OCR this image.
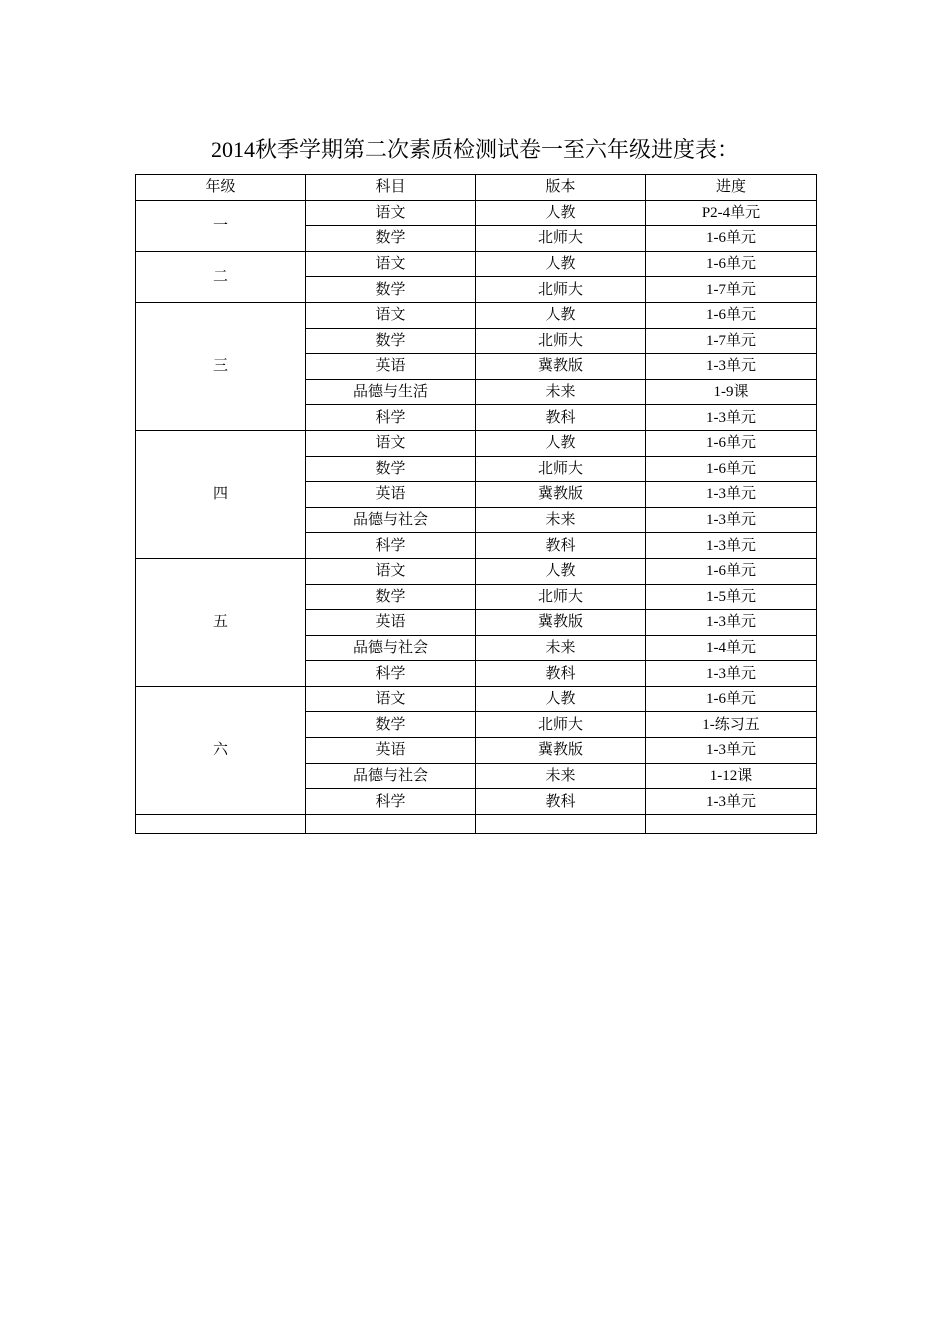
2014秋季学期第二次素质检测试卷一至六年级进度表：
年级	科目	版本	进度
一	语文	人教	P2-4单元
	数学	北师大	1-6单元
二	语文	人教	1-6单元
	数学	北师大	1-7单元
三	语文	人教	1-6单元
	数学	北师大	1-7单元
	英语	冀教版	1-3单元
	品德与生活	未来	1-9课
	科学	教科	1-3单元
四	语文	人教	1-6单元
	数学	北师大	1-6单元
	英语	冀教版	1-3单元
	品德与社会	未来	1-3单元
	科学	教科	1-3单元
五	语文	人教	1-6单元
	数学	北师大	1-5单元
	英语	冀教版	1-3单元
	品德与社会	未来	1-4单元
	科学	教科	1-3单元
六	语文	人教	1-6单元
	数学	北师大	1-练习五
	英语	冀教版	1-3单元
	品德与社会	未来	1-12课
	科学	教科	1-3单元
